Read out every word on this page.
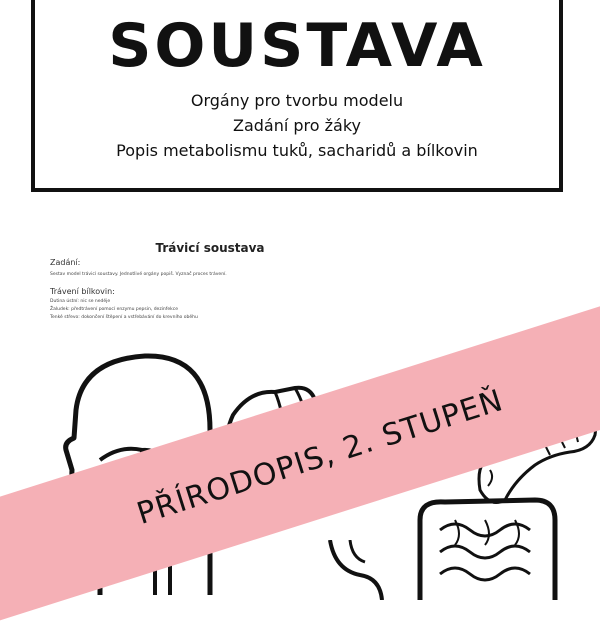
SOUSTAVA
Orgány pro tvorbu modelu
Zadání pro žáky
Popis metabolismu tuků, sacharidů a bílkovin
Trávicí soustava
Zadání:
Sestav model trávicí soustavy. Jednotlivé orgány popiš. Vyznač proces trávení.
Trávení bílkovin:
Dutina ústní: nic se neděje
Žaludek: předtrávení pomocí enzymu pepsin, dezinfekce
Tenké střevo: dokončení štěpení a vstřebávání do krevního oběhu
PŘÍRODOPIS, 2. STUPEŇ
